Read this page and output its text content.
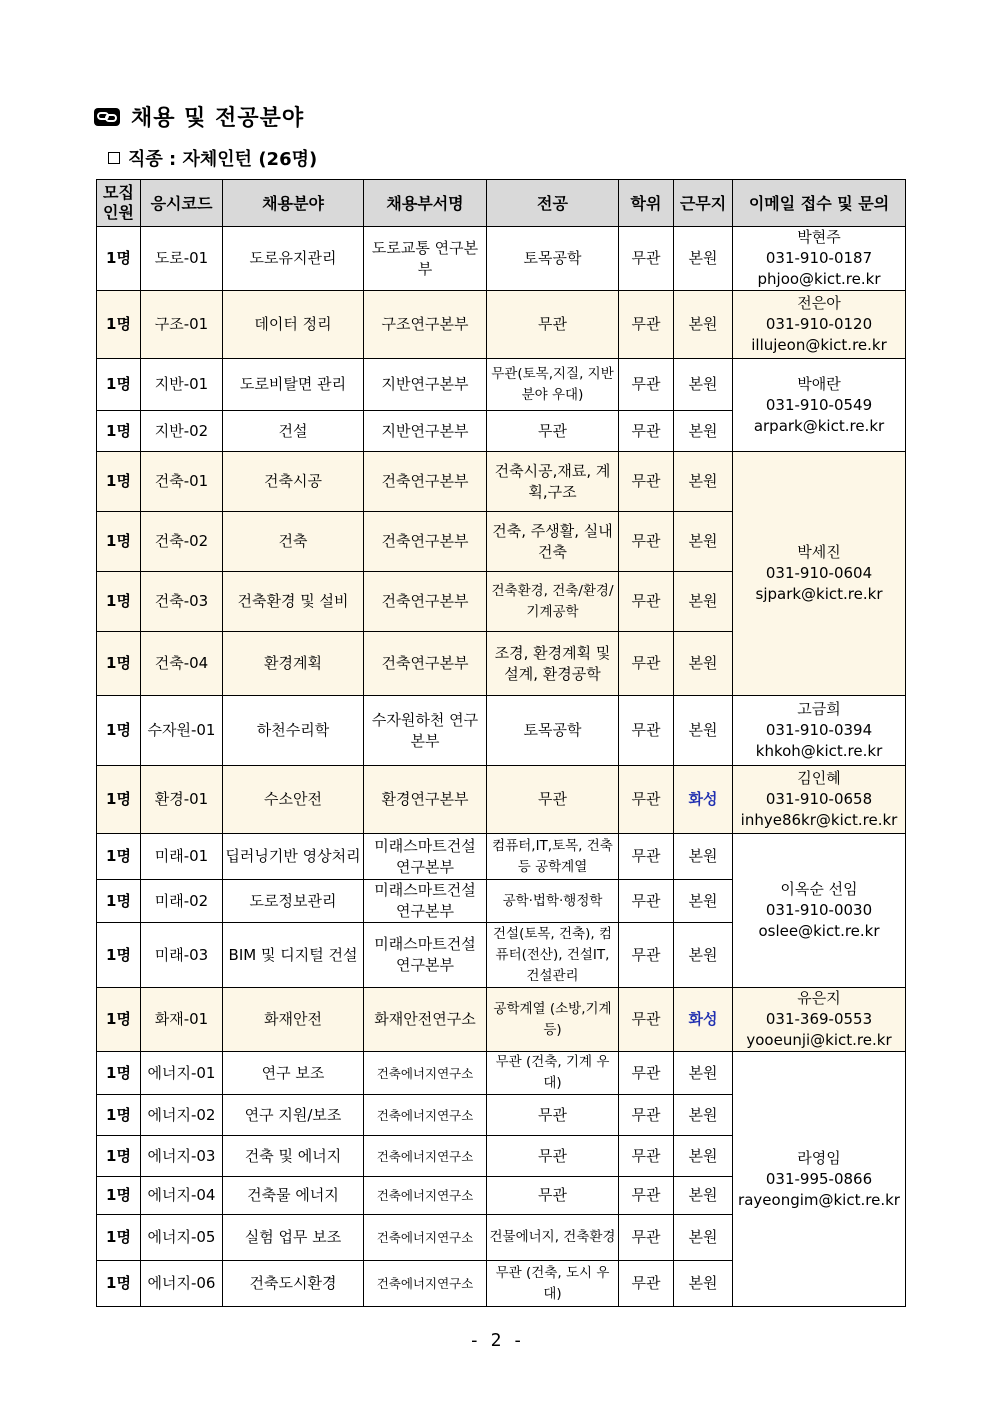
채용 및 전공분야
직종 : 자체인턴 (26명)
모집 인원	응시코드	채용분야	채용부서명	전공	학위	근무지	이메일 접수 및 문의
1명	도로-01	도로유지관리	도로교통 연구본부	토목공학	무관	본원	박현주
031-910-0187
phjoo@kict.re.kr

1명	구조-01	데이터 정리	구조연구본부	무관	무관	본원	전은아
031-910-0120
illujeon@kict.re.kr

1명	지반-01	도로비탈면 관리	지반연구본부	무관(토목,지질, 지반분야 우대)	무관	본원	박애란
031-910-0549
arpark@kict.re.kr

1명	지반-02	건설	지반연구본부	무관	무관	본원	
1명	건축-01	건축시공	건축연구본부	건축시공,재료, 계획,구조	무관	본원	박세진
031-910-0604
sjpark@kict.re.kr

1명	건축-02	건축	건축연구본부	건축, 주생활, 실내건축	무관	본원	
1명	건축-03	건축환경 및 설비	건축연구본부	건축환경, 건축/환경/기계공학	무관	본원	
1명	건축-04	환경계획	건축연구본부	조경, 환경계획 및 설계, 환경공학	무관	본원	
1명	수자원-01	하천수리학	수자원하천 연구본부	토목공학	무관	본원	고금희
031-910-0394
khkoh@kict.re.kr

1명	환경-01	수소안전	환경연구본부	무관	무관	화성	김인혜
031-910-0658
inhye86kr@kict.re.kr

1명	미래-01	딥러닝기반 영상처리	미래스마트건설 연구본부	컴퓨터,IT,토목, 건축등 공학계열	무관	본원	이옥순 선임
031-910-0030
oslee@kict.re.kr

1명	미래-02	도로정보관리	미래스마트건설 연구본부	공학·법학·행정학	무관	본원	
1명	미래-03	BIM 및 디지털 건설	미래스마트건설 연구본부	건설(토목, 건축), 컴퓨터(전산), 건설IT, 건설관리	무관	본원	
1명	화재-01	화재안전	화재안전연구소	공학계열 (소방,기계 등)	무관	화성	유은지
031-369-0553
yooeunji@kict.re.kr

1명	에너지-01	연구 보조	건축에너지연구소	무관 (건축, 기계 우대)	무관	본원	라영임
031-995-0866
rayeongim@kict.re.kr

1명	에너지-02	연구 지원/보조	건축에너지연구소	무관	무관	본원	
1명	에너지-03	건축 및 에너지	건축에너지연구소	무관	무관	본원	
1명	에너지-04	건축물 에너지	건축에너지연구소	무관	무관	본원	
1명	에너지-05	실험 업무 보조	건축에너지연구소	건물에너지, 건축환경	무관	본원	
1명	에너지-06	건축도시환경	건축에너지연구소	무관 (건축, 도시 우대)	무관	본원	
- 2 -
